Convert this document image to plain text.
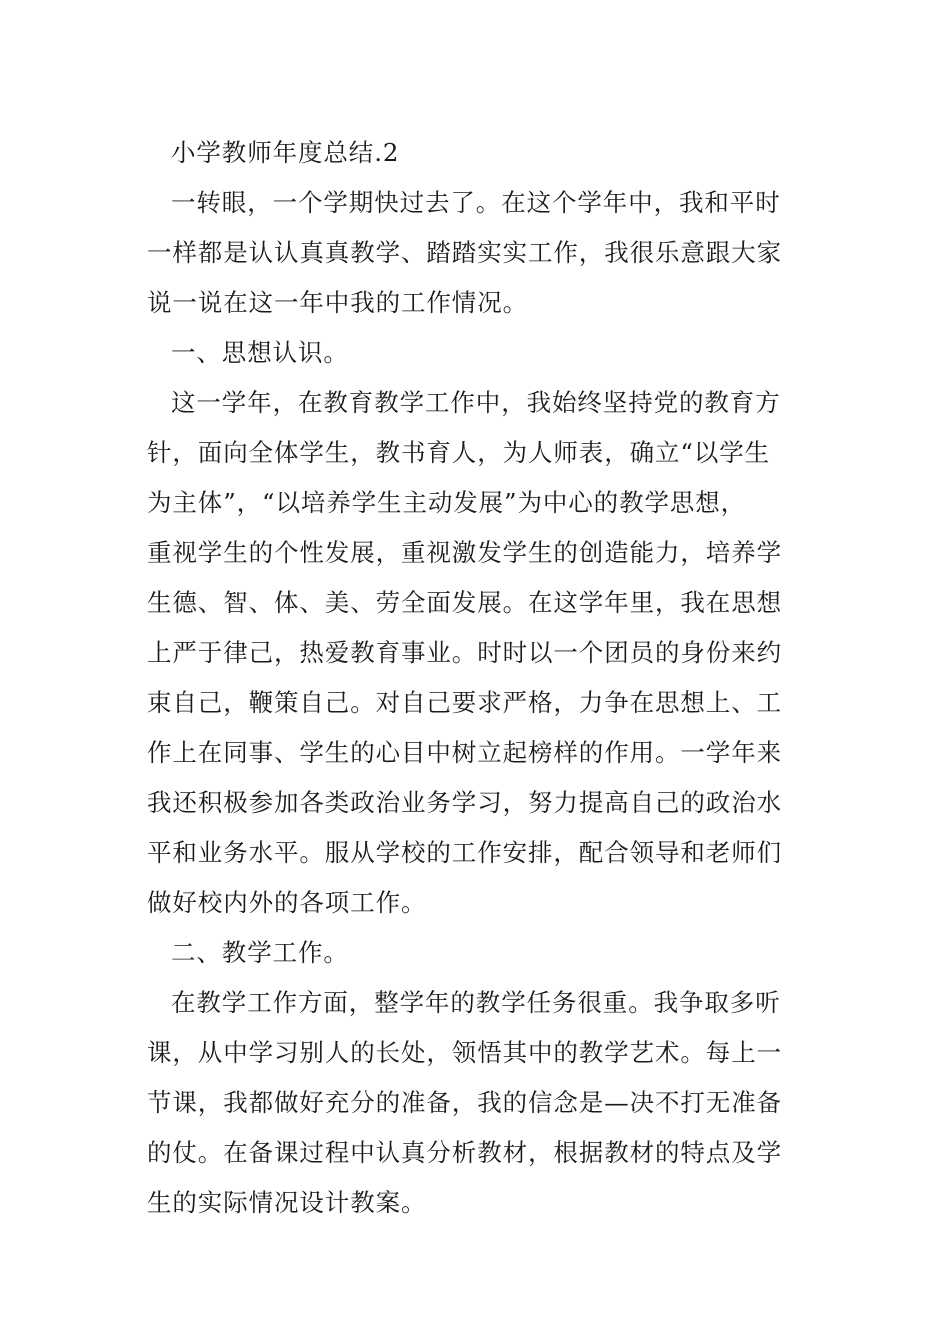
小学教师年度总结.2
一转眼，一个学期快过去了。在这个学年中，我和平时
一样都是认认真真教学、踏踏实实工作，我很乐意跟大家
说一说在这一年中我的工作情况。
一、思想认识。
这一学年，在教育教学工作中，我始终坚持党的教育方
针，面向全体学生，教书育人，为人师表，确立“以学生
为主体”，“以培养学生主动发展”为中心的教学思想，
重视学生的个性发展，重视激发学生的创造能力，培养学
生德、智、体、美、劳全面发展。在这学年里，我在思想
上严于律己，热爱教育事业。时时以一个团员的身份来约
束自己，鞭策自己。对自己要求严格，力争在思想上、工
作上在同事、学生的心目中树立起榜样的作用。一学年来
我还积极参加各类政治业务学习，努力提高自己的政治水
平和业务水平。服从学校的工作安排，配合领导和老师们
做好校内外的各项工作。
二、教学工作。
在教学工作方面，整学年的教学任务很重。我争取多听
课，从中学习别人的长处，领悟其中的教学艺术。每上一
节课，我都做好充分的准备，我的信念是—决不打无准备
的仗。在备课过程中认真分析教材，根据教材的特点及学
生的实际情况设计教案。
